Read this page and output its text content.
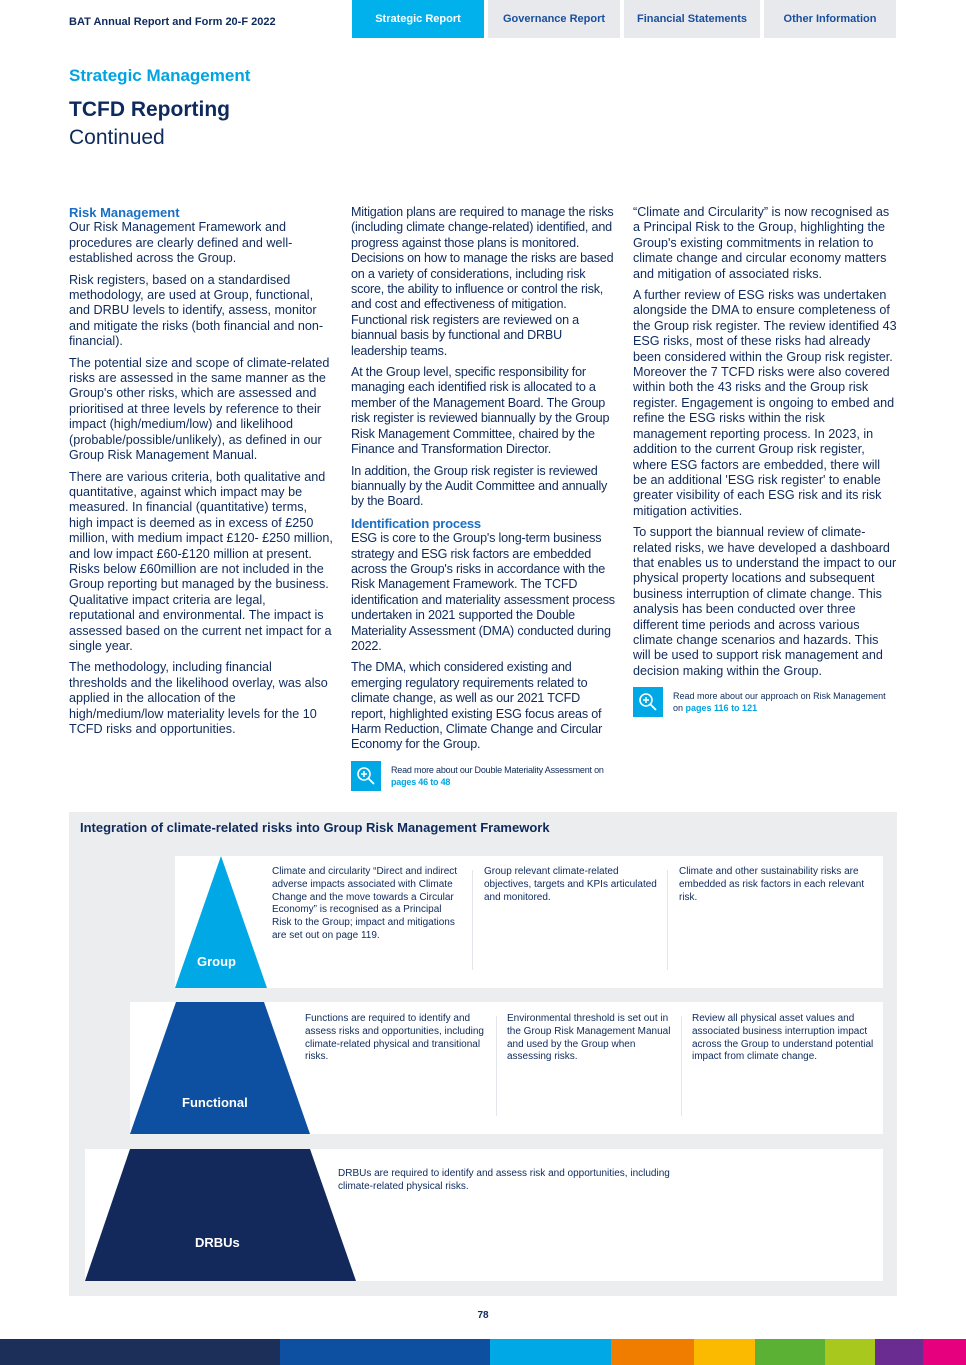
BAT Annual Report and Form 20-F 2022	Strategic Report	Governance Report	Financial Statements	Other Information
Strategic Management
TCFD Reporting
Continued
Risk Management

Our Risk Management Framework and procedures are clearly defined and well-established across the Group.

Risk registers, based on a standardised methodology, are used at Group, functional, and DRBU levels to identify, assess, monitor and mitigate the risks (both financial and non-financial).

The potential size and scope of climate-related risks are assessed in the same manner as the Group's other risks, which are assessed and prioritised at three levels by reference to their impact (high/medium/low) and likelihood (probable/possible/unlikely), as defined in our Group Risk Management Manual.

There are various criteria, both qualitative and quantitative, against which impact may be measured. In financial (quantitative) terms, high impact is deemed as in excess of £250 million, with medium impact £120- £250 million, and low impact £60-£120 million at present. Risks below £60million are not included in the Group reporting but managed by the business. Qualitative impact criteria are legal, reputational and environmental. The impact is assessed based on the current net impact for a single year.

The methodology, including financial thresholds and the likelihood overlay, was also applied in the allocation of the high/medium/low materiality levels for the 10 TCFD risks and opportunities.

Mitigation plans are required to manage the risks (including climate change-related) identified, and progress against those plans is monitored. Decisions on how to manage the risks are based on a variety of considerations, including risk score, the ability to influence or control the risk, and cost and effectiveness of mitigation. Functional risk registers are reviewed on a biannual basis by functional and DRBU leadership teams.

At the Group level, specific responsibility for managing each identified risk is allocated to a member of the Management Board. The Group risk register is reviewed biannually by the Group Risk Management Committee, chaired by the Finance and Transformation Director.

In addition, the Group risk register is reviewed biannually by the Audit Committee and annually by the Board.

Identification process

ESG is core to the Group's long-term business strategy and ESG risk factors are embedded across the Group's risks in accordance with the Risk Management Framework. The TCFD identification and materiality assessment process undertaken in 2021 supported the Double Materiality Assessment (DMA) conducted during 2022.

The DMA, which considered existing and emerging regulatory requirements related to climate change, as well as our 2021 TCFD report, highlighted existing ESG focus areas of Harm Reduction, Climate Change and Circular Economy for the Group.

Read more about our Double Materiality Assessment on pages 46 to 48

“Climate and Circularity” is now recognised as a Principal Risk to the Group, highlighting the Group's existing commitments in relation to climate change and circular economy matters and mitigation of associated risks.

A further review of ESG risks was undertaken alongside the DMA to ensure completeness of the Group risk register. The review identified 43 ESG risks, most of these risks had already been considered within the Group risk register. Moreover the 7 TCFD risks were also covered within both the 43 risks and the Group risk register. Engagement is ongoing to embed and refine the ESG risks within the risk management reporting process. In 2023, in addition to the current Group risk register, where ESG factors are embedded, there will be an additional 'ESG risk register' to enable greater visibility of each ESG risk and its risk mitigation activities.

To support the biannual review of climate-related risks, we have developed a dashboard that enables us to understand the impact to our physical property locations and subsequent business interruption of climate change. This analysis has been conducted over three different time periods and across various climate change scenarios and hazards. This will be used to support risk management and decision making within the Group.

Read more about our approach on Risk Management on pages 116 to 121
Integration of climate-related risks into Group Risk Management Framework
Group
Climate and circularity “Direct and indirect adverse impacts associated with Climate Change and the move towards a Circular Economy” is recognised as a Principal Risk to the Group; impact and mitigations are set out on page 119.
Group relevant climate-related objectives, targets and KPIs articulated and monitored.
Climate and other sustainability risks are embedded as risk factors in each relevant risk.
Functional
Functions are required to identify and assess risks and opportunities, including climate-related physical and transitional risks.
Environmental threshold is set out in the Group Risk Management Manual and used by the Group when assessing risks.
Review all physical asset values and associated business interruption impact across the Group to understand potential impact from climate change.
DRBUs
DRBUs are required to identify and assess risk and opportunities, including climate-related physical risks.
78
